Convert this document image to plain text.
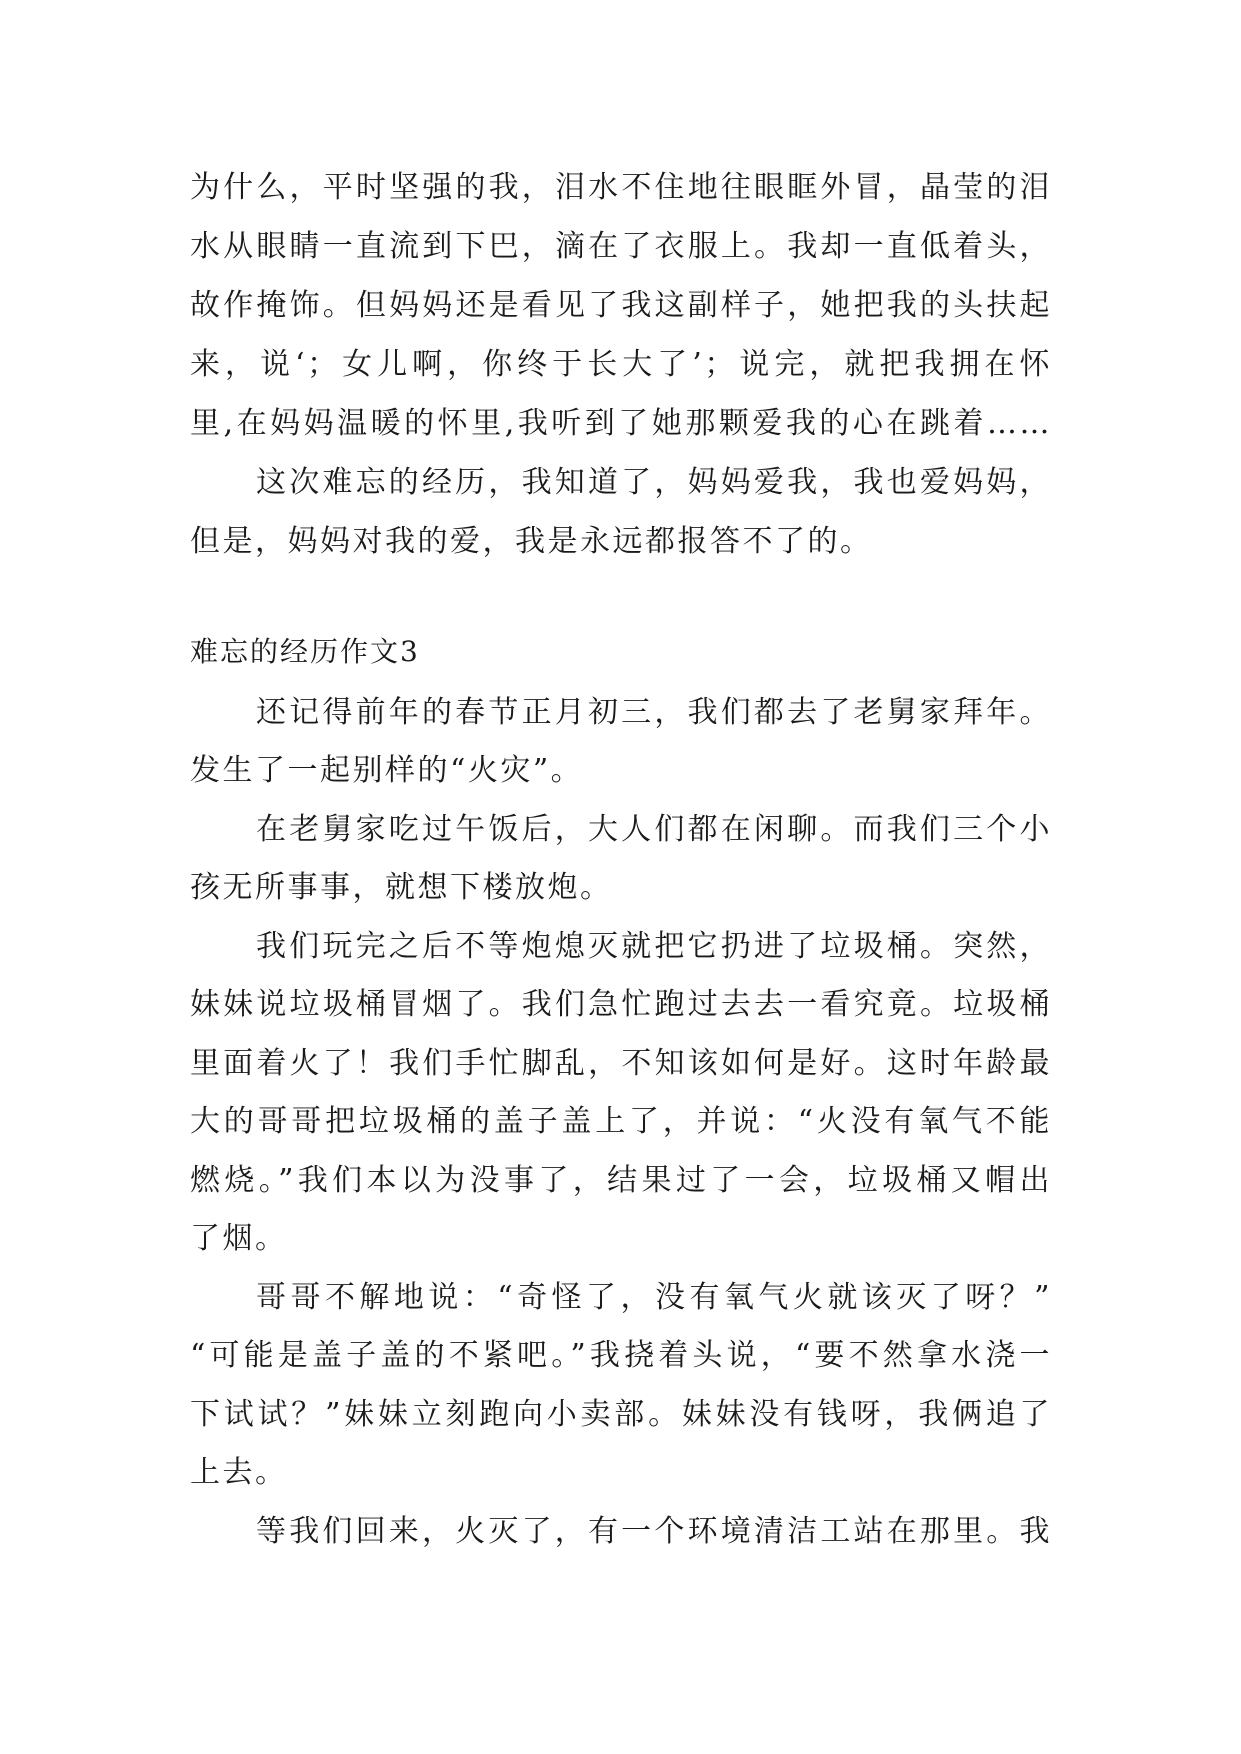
为什么，平时坚强的我，泪水不住地往眼眶外冒，晶莹的泪
水从眼睛一直流到下巴，滴在了衣服上。我却一直低着头，
故作掩饰。但妈妈还是看见了我这副样子，她把我的头扶起
来，说‘；女儿啊，你终于长大了’；说完，就把我拥在怀
里,在妈妈温暖的怀里,我听到了她那颗爱我的心在跳着……
这次难忘的经历，我知道了，妈妈爱我，我也爱妈妈，
但是，妈妈对我的爱，我是永远都报答不了的。
难忘的经历作文3
还记得前年的春节正月初三，我们都去了老舅家拜年。
发生了一起别样的“火灾”。
在老舅家吃过午饭后，大人们都在闲聊。而我们三个小
孩无所事事，就想下楼放炮。
我们玩完之后不等炮熄灭就把它扔进了垃圾桶。突然，
妹妹说垃圾桶冒烟了。我们急忙跑过去去一看究竟。垃圾桶
里面着火了！我们手忙脚乱，不知该如何是好。这时年龄最
大的哥哥把垃圾桶的盖子盖上了，并说：“火没有氧气不能
燃烧。”我们本以为没事了，结果过了一会，垃圾桶又帽出
了烟。
哥哥不解地说：“奇怪了，没有氧气火就该灭了呀？”
“可能是盖子盖的不紧吧。”我挠着头说，“要不然拿水浇一
下试试？”妹妹立刻跑向小卖部。妹妹没有钱呀，我俩追了
上去。
等我们回来，火灭了，有一个环境清洁工站在那里。我
